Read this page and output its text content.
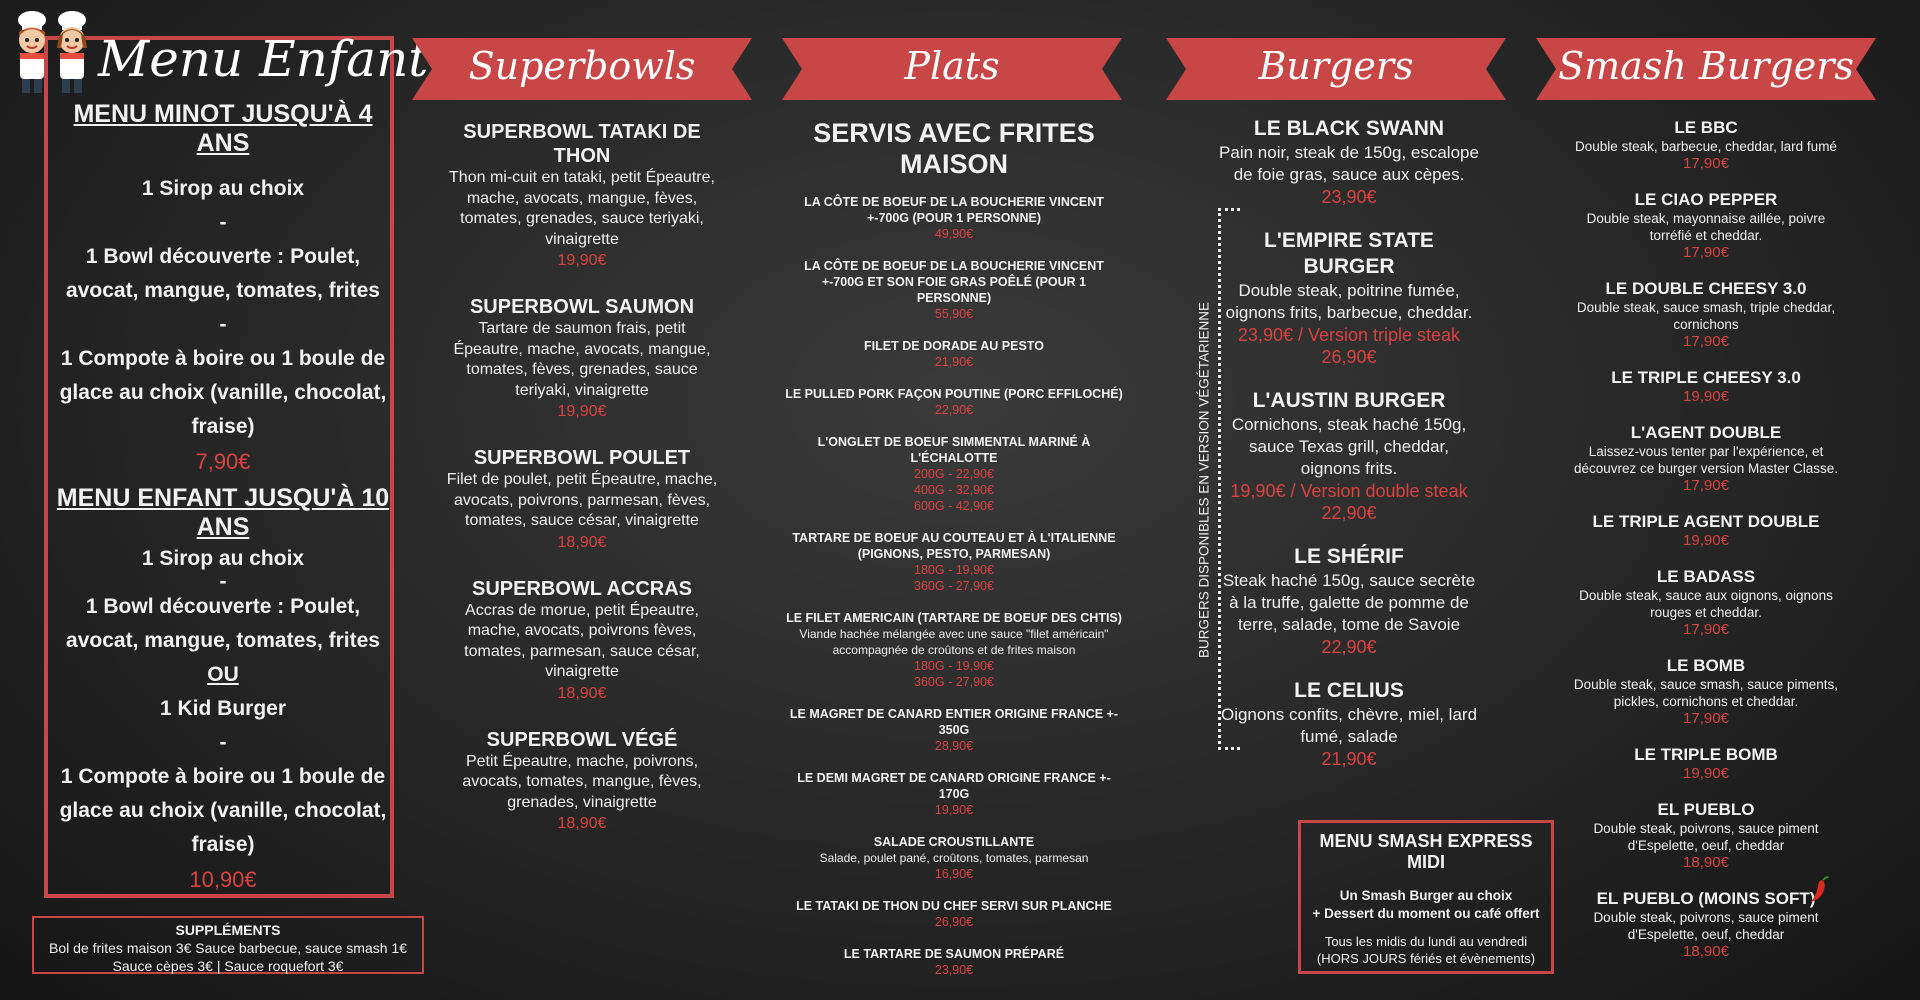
Menu Enfant
MENU MINOT JUSQU'À 4 ANS
1 Sirop au choix
-
1 Bowl découverte : Poulet, avocat, mangue, tomates, frites
-
1 Compote à boire ou 1 boule de glace au choix (vanille, chocolat, fraise)
7,90€
MENU ENFANT JUSQU'À 10 ANS
1 Sirop au choix
-
1 Bowl découverte : Poulet, avocat, mangue, tomates, frites
OU
1 Kid Burger
-
1 Compote à boire ou 1 boule de glace au choix (vanille, chocolat, fraise)
10,90€
SUPPLÉMENTS
Bol de frites maison 3€ Sauce barbecue, sauce smash 1€
Sauce cèpes 3€ | Sauce roquefort 3€
Superbowls	Plats	Burgers	Smash Burgers
SUPERBOWL TATAKI DE THON
Thon mi-cuit en tataki, petit Épeautre, mache, avocats, mangue, fèves, tomates, grenades, sauce teriyaki, vinaigrette
19,90€
SUPERBOWL SAUMON
Tartare de saumon frais, petit Épeautre, mache, avocats, mangue, tomates, fèves, grenades, sauce teriyaki, vinaigrette
19,90€
SUPERBOWL POULET
Filet de poulet, petit Épeautre, mache, avocats, poivrons, parmesan, fèves, tomates, sauce césar, vinaigrette
18,90€
SUPERBOWL ACCRAS
Accras de morue, petit Épeautre, mache, avocats, poivrons fèves, tomates, parmesan, sauce césar, vinaigrette
18,90€
SUPERBOWL VÉGÉ
Petit Épeautre, mache, poivrons, avocats, tomates, mangue, fèves, grenades, vinaigrette
18,90€
SERVIS AVEC FRITES MAISON
LA CÔTE DE BOEUF DE LA BOUCHERIE VINCENT +-700G (POUR 1 PERSONNE)
49,90€
LA CÔTE DE BOEUF DE LA BOUCHERIE VINCENT +-700G ET SON FOIE GRAS POÊLÉ (POUR 1 PERSONNE)
55,90€
FILET DE DORADE AU PESTO
21,90€
LE PULLED PORK FAÇON POUTINE (PORC EFFILOCHÉ)
22,90€
L'ONGLET DE BOEUF SIMMENTAL MARINÉ À L'ÉCHALOTTE
200G - 22,90€
400G - 32,90€
600G - 42,90€
TARTARE DE BOEUF AU COUTEAU ET À L'ITALIENNE (PIGNONS, PESTO, PARMESAN)
180G - 19,90€
360G - 27,90€
LE FILET AMERICAIN (TARTARE DE BOEUF DES CHTIS)
Viande hachée mélangée avec une sauce "filet américain" accompagnée de croûtons et de frites maison
180G - 19,90€
360G - 27,90€
LE MAGRET DE CANARD ENTIER ORIGINE FRANCE +- 350G
28,90€
LE DEMI MAGRET DE CANARD ORIGINE FRANCE +- 170G
19,90€
SALADE CROUSTILLANTE
Salade, poulet pané, croûtons, tomates, parmesan
16,90€
LE TATAKI DE THON DU CHEF SERVI SUR PLANCHE
26,90€
LE TARTARE DE SAUMON PRÉPARÉ
23,90€
BURGERS DISPONIBLES EN VERSION VÉGÉTARIENNE
LE BLACK SWANN
Pain noir, steak de 150g, escalope de foie gras, sauce aux cèpes.
23,90€
L'EMPIRE STATE BURGER
Double steak, poitrine fumée, oignons frits, barbecue, cheddar.
23,90€ / Version triple steak
26,90€
L'AUSTIN BURGER
Cornichons, steak haché 150g, sauce Texas grill, cheddar, oignons frits.
19,90€ / Version double steak
22,90€
LE SHÉRIF
Steak haché 150g, sauce secrète à la truffe, galette de pomme de terre, salade, tome de Savoie
22,90€
LE CELIUS
Oignons confits, chèvre, miel, lard fumé, salade
21,90€
MENU SMASH EXPRESS MIDI
Un Smash Burger au choix
+ Dessert du moment ou café offert
Tous les midis du lundi au vendredi
(HORS JOURS fériés et évènements)
LE BBC
Double steak, barbecue, cheddar, lard fumé
17,90€
LE CIAO PEPPER
Double steak, mayonnaise aillée, poivre torréfié et cheddar.
17,90€
LE DOUBLE CHEESY 3.0
Double steak, sauce smash, triple cheddar, cornichons
17,90€
LE TRIPLE CHEESY 3.0
19,90€
L'AGENT DOUBLE
Laissez-vous tenter par l'expérience, et découvrez ce burger version Master Classe.
17,90€
LE TRIPLE AGENT DOUBLE
19,90€
LE BADASS
Double steak, sauce aux oignons, oignons rouges et cheddar.
17,90€
LE BOMB
Double steak, sauce smash, sauce piments, pickles, cornichons et cheddar.
17,90€
LE TRIPLE BOMB
19,90€
EL PUEBLO
Double steak, poivrons, sauce piment d'Espelette, oeuf, cheddar
18,90€
EL PUEBLO (MOINS SOFT)
Double steak, poivrons, sauce piment d'Espelette, oeuf, cheddar
18,90€
